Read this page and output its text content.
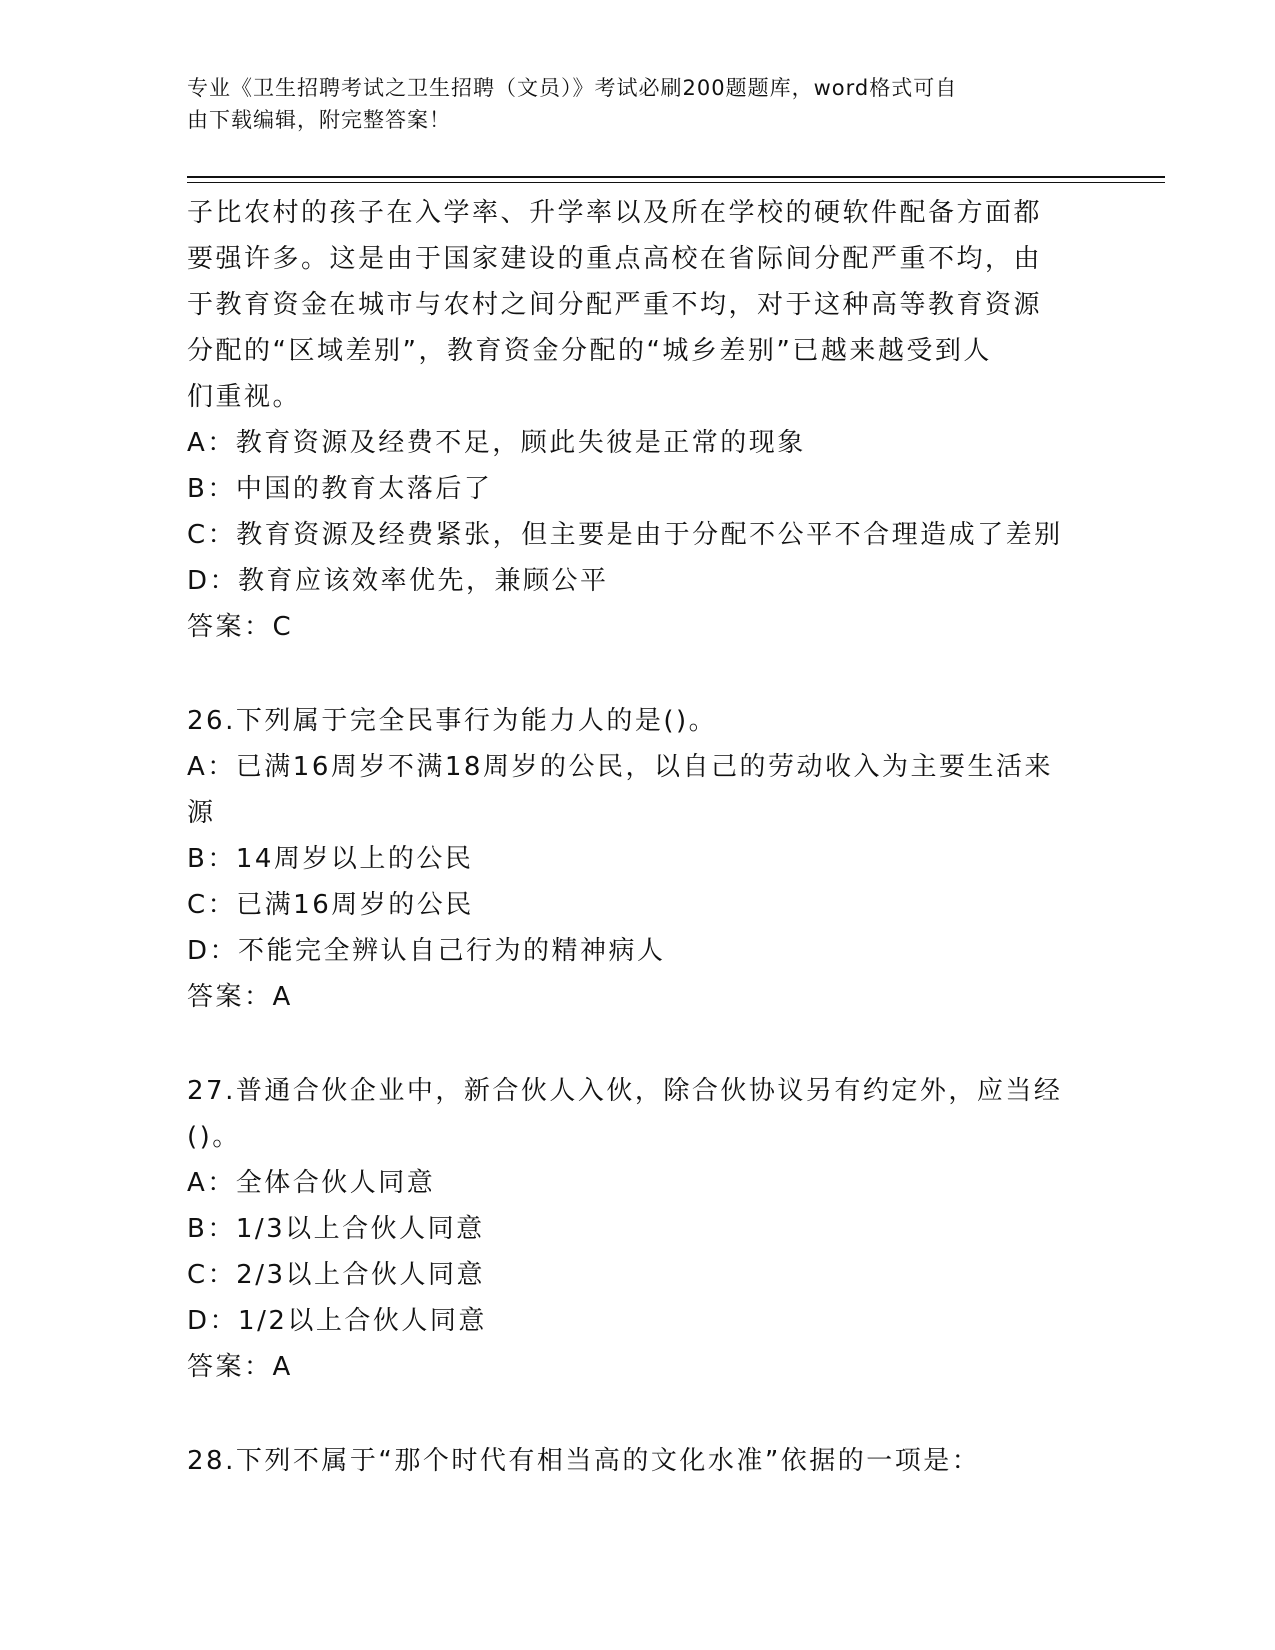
专业《卫生招聘考试之卫生招聘（文员）》考试必刷200题题库，word格式可自
由下载编辑，附完整答案！
子比农村的孩子在入学率、升学率以及所在学校的硬软件配备方面都
要强许多。这是由于国家建设的重点高校在省际间分配严重不均，由
于教育资金在城市与农村之间分配严重不均，对于这种高等教育资源
分配的“区域差别”，教育资金分配的“城乡差别”已越来越受到人
们重视。
A：教育资源及经费不足，顾此失彼是正常的现象
B：中国的教育太落后了
C：教育资源及经费紧张，但主要是由于分配不公平不合理造成了差别
D：教育应该效率优先，兼顾公平
答案：C
26.下列属于完全民事行为能力人的是()。
A：已满16周岁不满18周岁的公民，以自己的劳动收入为主要生活来
源
B：14周岁以上的公民
C：已满16周岁的公民
D：不能完全辨认自己行为的精神病人
答案：A
27.普通合伙企业中，新合伙人入伙，除合伙协议另有约定外，应当经
()。
A：全体合伙人同意
B：1/3以上合伙人同意
C：2/3以上合伙人同意
D：1/2以上合伙人同意
答案：A
28.下列不属于“那个时代有相当高的文化水准”依据的一项是：
